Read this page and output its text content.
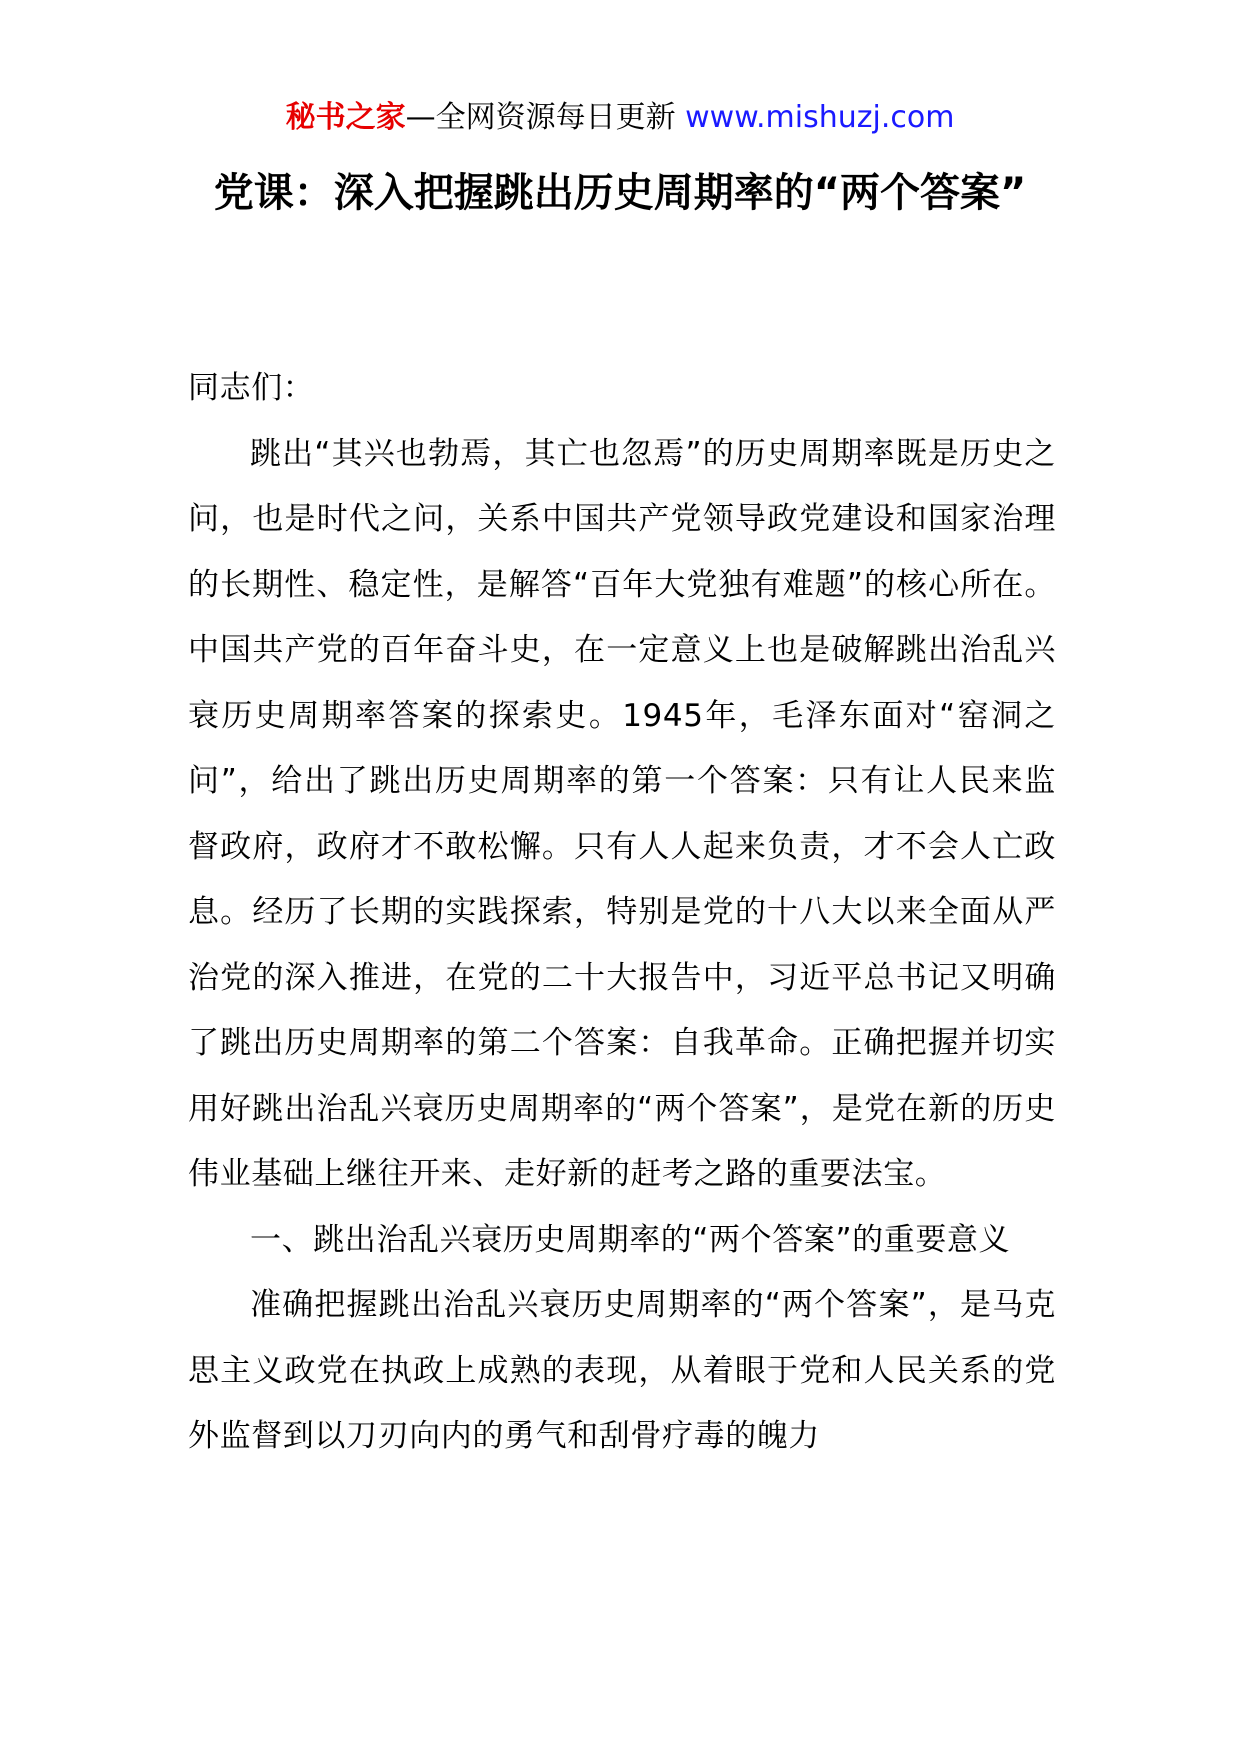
秘书之家—全网资源每日更新 www.mishuzj.com
党课：深入把握跳出历史周期率的“两个答案”

同志们：

跳出“其兴也勃焉，其亡也忽焉”的历史周期率既是历史之问，也是时代之问，关系中国共产党领导政党建设和国家治理的长期性、稳定性，是解答“百年大党独有难题”的核心所在。中国共产党的百年奋斗史，在一定意义上也是破解跳出治乱兴衰历史周期率答案的探索史。1945年，毛泽东面对“窑洞之问”，给出了跳出历史周期率的第一个答案：只有让人民来监督政府，政府才不敢松懈。只有人人起来负责，才不会人亡政息。经历了长期的实践探索，特别是党的十八大以来全面从严治党的深入推进，在党的二十大报告中，习近平总书记又明确了跳出历史周期率的第二个答案：自我革命。正确把握并切实用好跳出治乱兴衰历史周期率的“两个答案”，是党在新的历史伟业基础上继往开来、走好新的赶考之路的重要法宝。

一、跳出治乱兴衰历史周期率的“两个答案”的重要意义

准确把握跳出治乱兴衰历史周期率的“两个答案”，是马克思主义政党在执政上成熟的表现，从着眼于党和人民关系的党外监督到以刀刃向内的勇气和刮骨疗毒的魄力
